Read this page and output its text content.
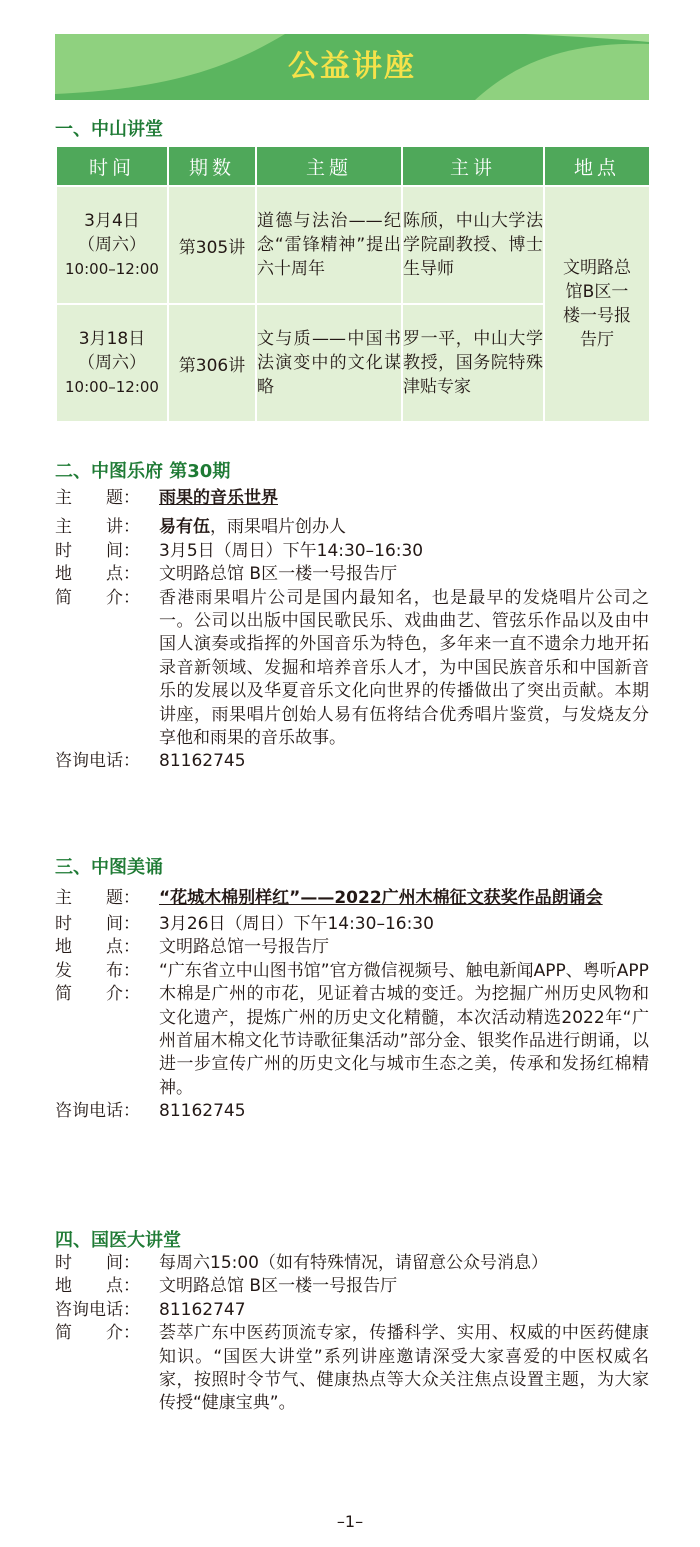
公益讲座
一、中山讲堂
时间	期数	主题	主讲	地点

3月4日
（周六）
10:00–12:00	第305讲	道德与法治——纪念“雷锋精神”提出六十周年	陈颀，中山大学法学院副教授、博士生导师	文明路总馆B区一楼一号报告厅

3月18日
（周六）
10:00–12:00	第306讲	文与质——中国书法演变中的文化谋略	罗一平，中山大学教授，国务院特殊津贴专家	
二、中图乐府 第30期
主　　题：	雨果的音乐世界
主　　讲：	易有伍，雨果唱片创办人
时　　间：	3月5日（周日）下午14:30–16:30
地　　点：	文明路总馆 B区一楼一号报告厅
简　　介：	香港雨果唱片公司是国内最知名，也是最早的发烧唱片公司之一。公司以出版中国民歌民乐、戏曲曲艺、管弦乐作品以及由中国人演奏或指挥的外国音乐为特色，多年来一直不遗余力地开拓录音新领域、发掘和培养音乐人才，为中国民族音乐和中国新音乐的发展以及华夏音乐文化向世界的传播做出了突出贡献。本期讲座，雨果唱片创始人易有伍将结合优秀唱片鉴赏，与发烧友分享他和雨果的音乐故事。
咨询电话：	81162745
三、中图美诵
主　　题：	“花城木棉别样红”——2022广州木棉征文获奖作品朗诵会
时　　间：	3月26日（周日）下午14:30–16:30
地　　点：	文明路总馆一号报告厅
发　　布：	“广东省立中山图书馆”官方微信视频号、触电新闻APP、粤听APP
简　　介：	木棉是广州的市花，见证着古城的变迁。为挖掘广州历史风物和文化遗产，提炼广州的历史文化精髓，本次活动精选2022年“广州首届木棉文化节诗歌征集活动”部分金、银奖作品进行朗诵，以进一步宣传广州的历史文化与城市生态之美，传承和发扬红棉精神。
咨询电话：	81162745
四、国医大讲堂
时　　间：	每周六15:00（如有特殊情况，请留意公众号消息）
地　　点：	文明路总馆 B区一楼一号报告厅
咨询电话：	81162747
简　　介：	荟萃广东中医药顶流专家，传播科学、实用、权威的中医药健康知识。“国医大讲堂”系列讲座邀请深受大家喜爱的中医权威名家，按照时令节气、健康热点等大众关注焦点设置主题，为大家传授“健康宝典”。
–1–
